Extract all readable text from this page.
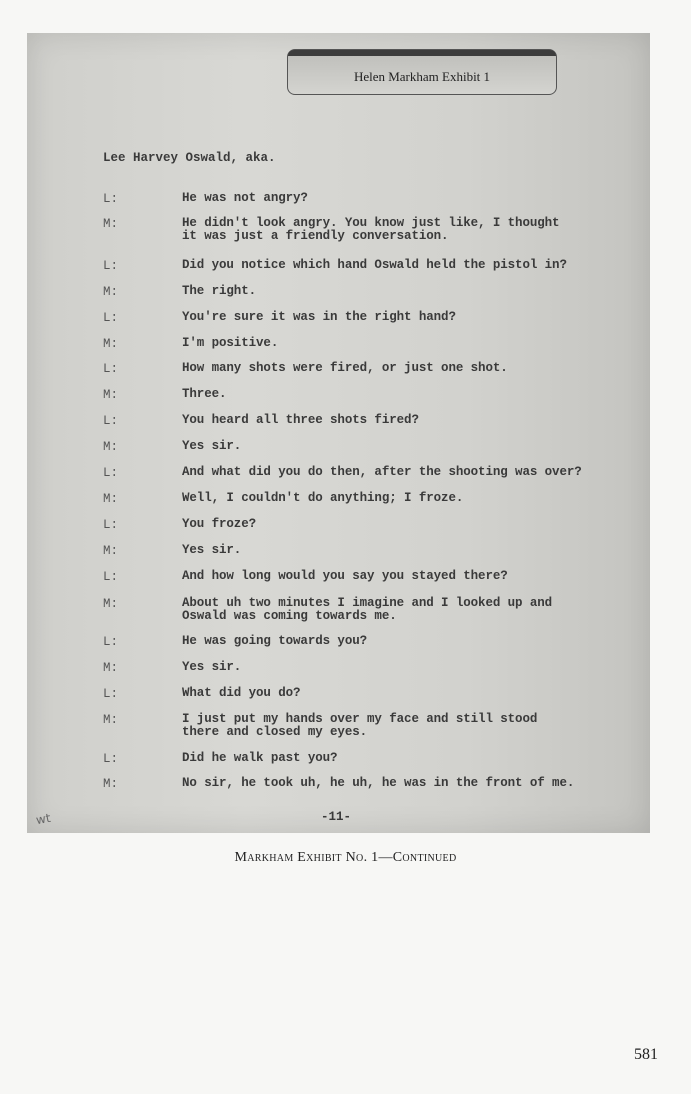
Helen Markham Exhibit 1
Lee Harvey Oswald, aka.
L:	He was not angry?
M:	He didn't look angry. You know just like, I thought
it was just a friendly conversation.
L:	Did you notice which hand Oswald held the pistol in?
M:	The right.
L:	You're sure it was in the right hand?
M:	I'm positive.
L:	How many shots were fired, or just one shot.
M:	Three.
L:	You heard all three shots fired?
M:	Yes sir.
L:	And what did you do then, after the shooting was over?
M:	Well, I couldn't do anything; I froze.
L:	You froze?
M:	Yes sir.
L:	And how long would you say you stayed there?
M:	About uh two minutes I imagine and I looked up and
Oswald was coming towards me.
L:	He was going towards you?
M:	Yes sir.
L:	What did you do?
M:	I just put my hands over my face and still stood
there and closed my eyes.
L:	Did he walk past you?
M:	No sir, he took uh, he uh, he was in the front of me.
-11-
wt
Markham Exhibit No. 1—Continued
581
